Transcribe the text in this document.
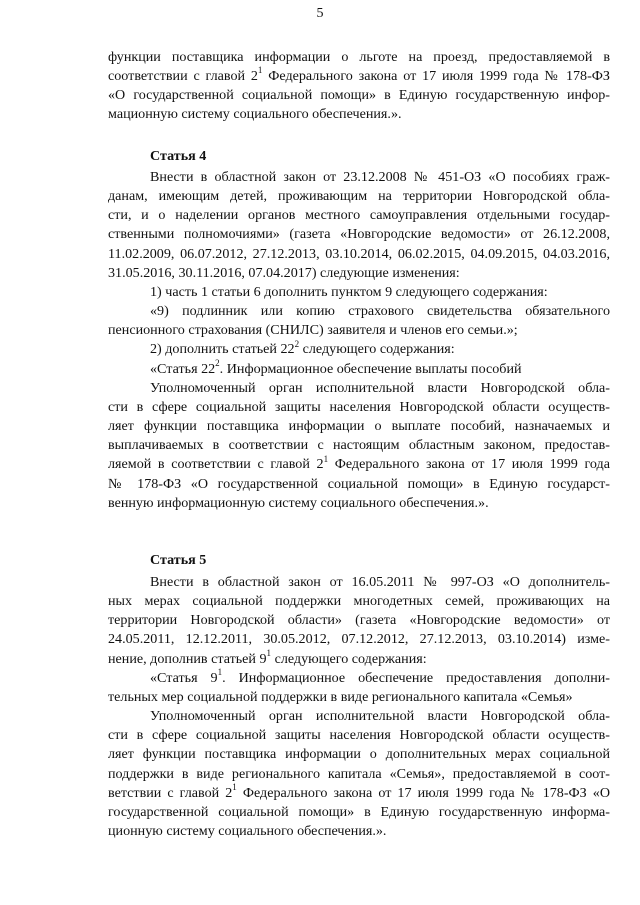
5
функции поставщика информации о льготе на проезд, предоставляемой в
соответствии с главой $2^1$ Федерального закона от 17 июля 1999 года № 178-ФЗ
«О государственной социальной помощи» в Единую государственную инфор-
мационную систему социального обеспечения.».
Статья 4
Внести в областной закон от 23.12.2008 № 451-ОЗ «О пособиях граж-
данам, имеющим детей, проживающим на территории Новгородской обла-
сти, и о наделении органов местного самоуправления отдельными государ-
ственными полномочиями» (газета «Новгородские ведомости» от 26.12.2008,
11.02.2009, 06.07.2012, 27.12.2013, 03.10.2014, 06.02.2015, 04.09.2015, 04.03.2016,
31.05.2016, 30.11.2016, 07.04.2017) следующие изменения:
1) часть 1 статьи 6 дополнить пунктом 9 следующего содержания:
«9) подлинник или копию страхового свидетельства обязательного
пенсионного страхования (СНИЛС) заявителя и членов его семьи.»;
2) дополнить статьей $22^2$ следующего содержания:
«Статья $22^2$. Информационное обеспечение выплаты пособий
Уполномоченный орган исполнительной власти Новгородской обла-
сти в сфере социальной защиты населения Новгородской области осуществ-
ляет функции поставщика информации о выплате пособий, назначаемых и
выплачиваемых в соответствии с настоящим областным законом, предостав-
ляемой в соответствии с главой $2^1$ Федерального закона от 17 июля 1999 года
№ 178-ФЗ «О государственной социальной помощи» в Единую государст-
венную информационную систему социального обеспечения.».
Статья 5
Внести в областной закон от 16.05.2011 № 997-ОЗ «О дополнитель-
ных мерах социальной поддержки многодетных семей, проживающих на
территории Новгородской области» (газета «Новгородские ведомости» от
24.05.2011, 12.12.2011, 30.05.2012, 07.12.2012, 27.12.2013, 03.10.2014) изме-
нение, дополнив статьей $9^1$ следующего содержания:
«Статья $9^1$. Информационное обеспечение предоставления дополни-
тельных мер социальной поддержки в виде регионального капитала «Семья»
Уполномоченный орган исполнительной власти Новгородской обла-
сти в сфере социальной защиты населения Новгородской области осуществ-
ляет функции поставщика информации о дополнительных мерах социальной
поддержки в виде регионального капитала «Семья», предоставляемой в соот-
ветствии с главой $2^1$ Федерального закона от 17 июля 1999 года № 178-ФЗ «О
государственной социальной помощи» в Единую государственную информа-
ционную систему социального обеспечения.».
